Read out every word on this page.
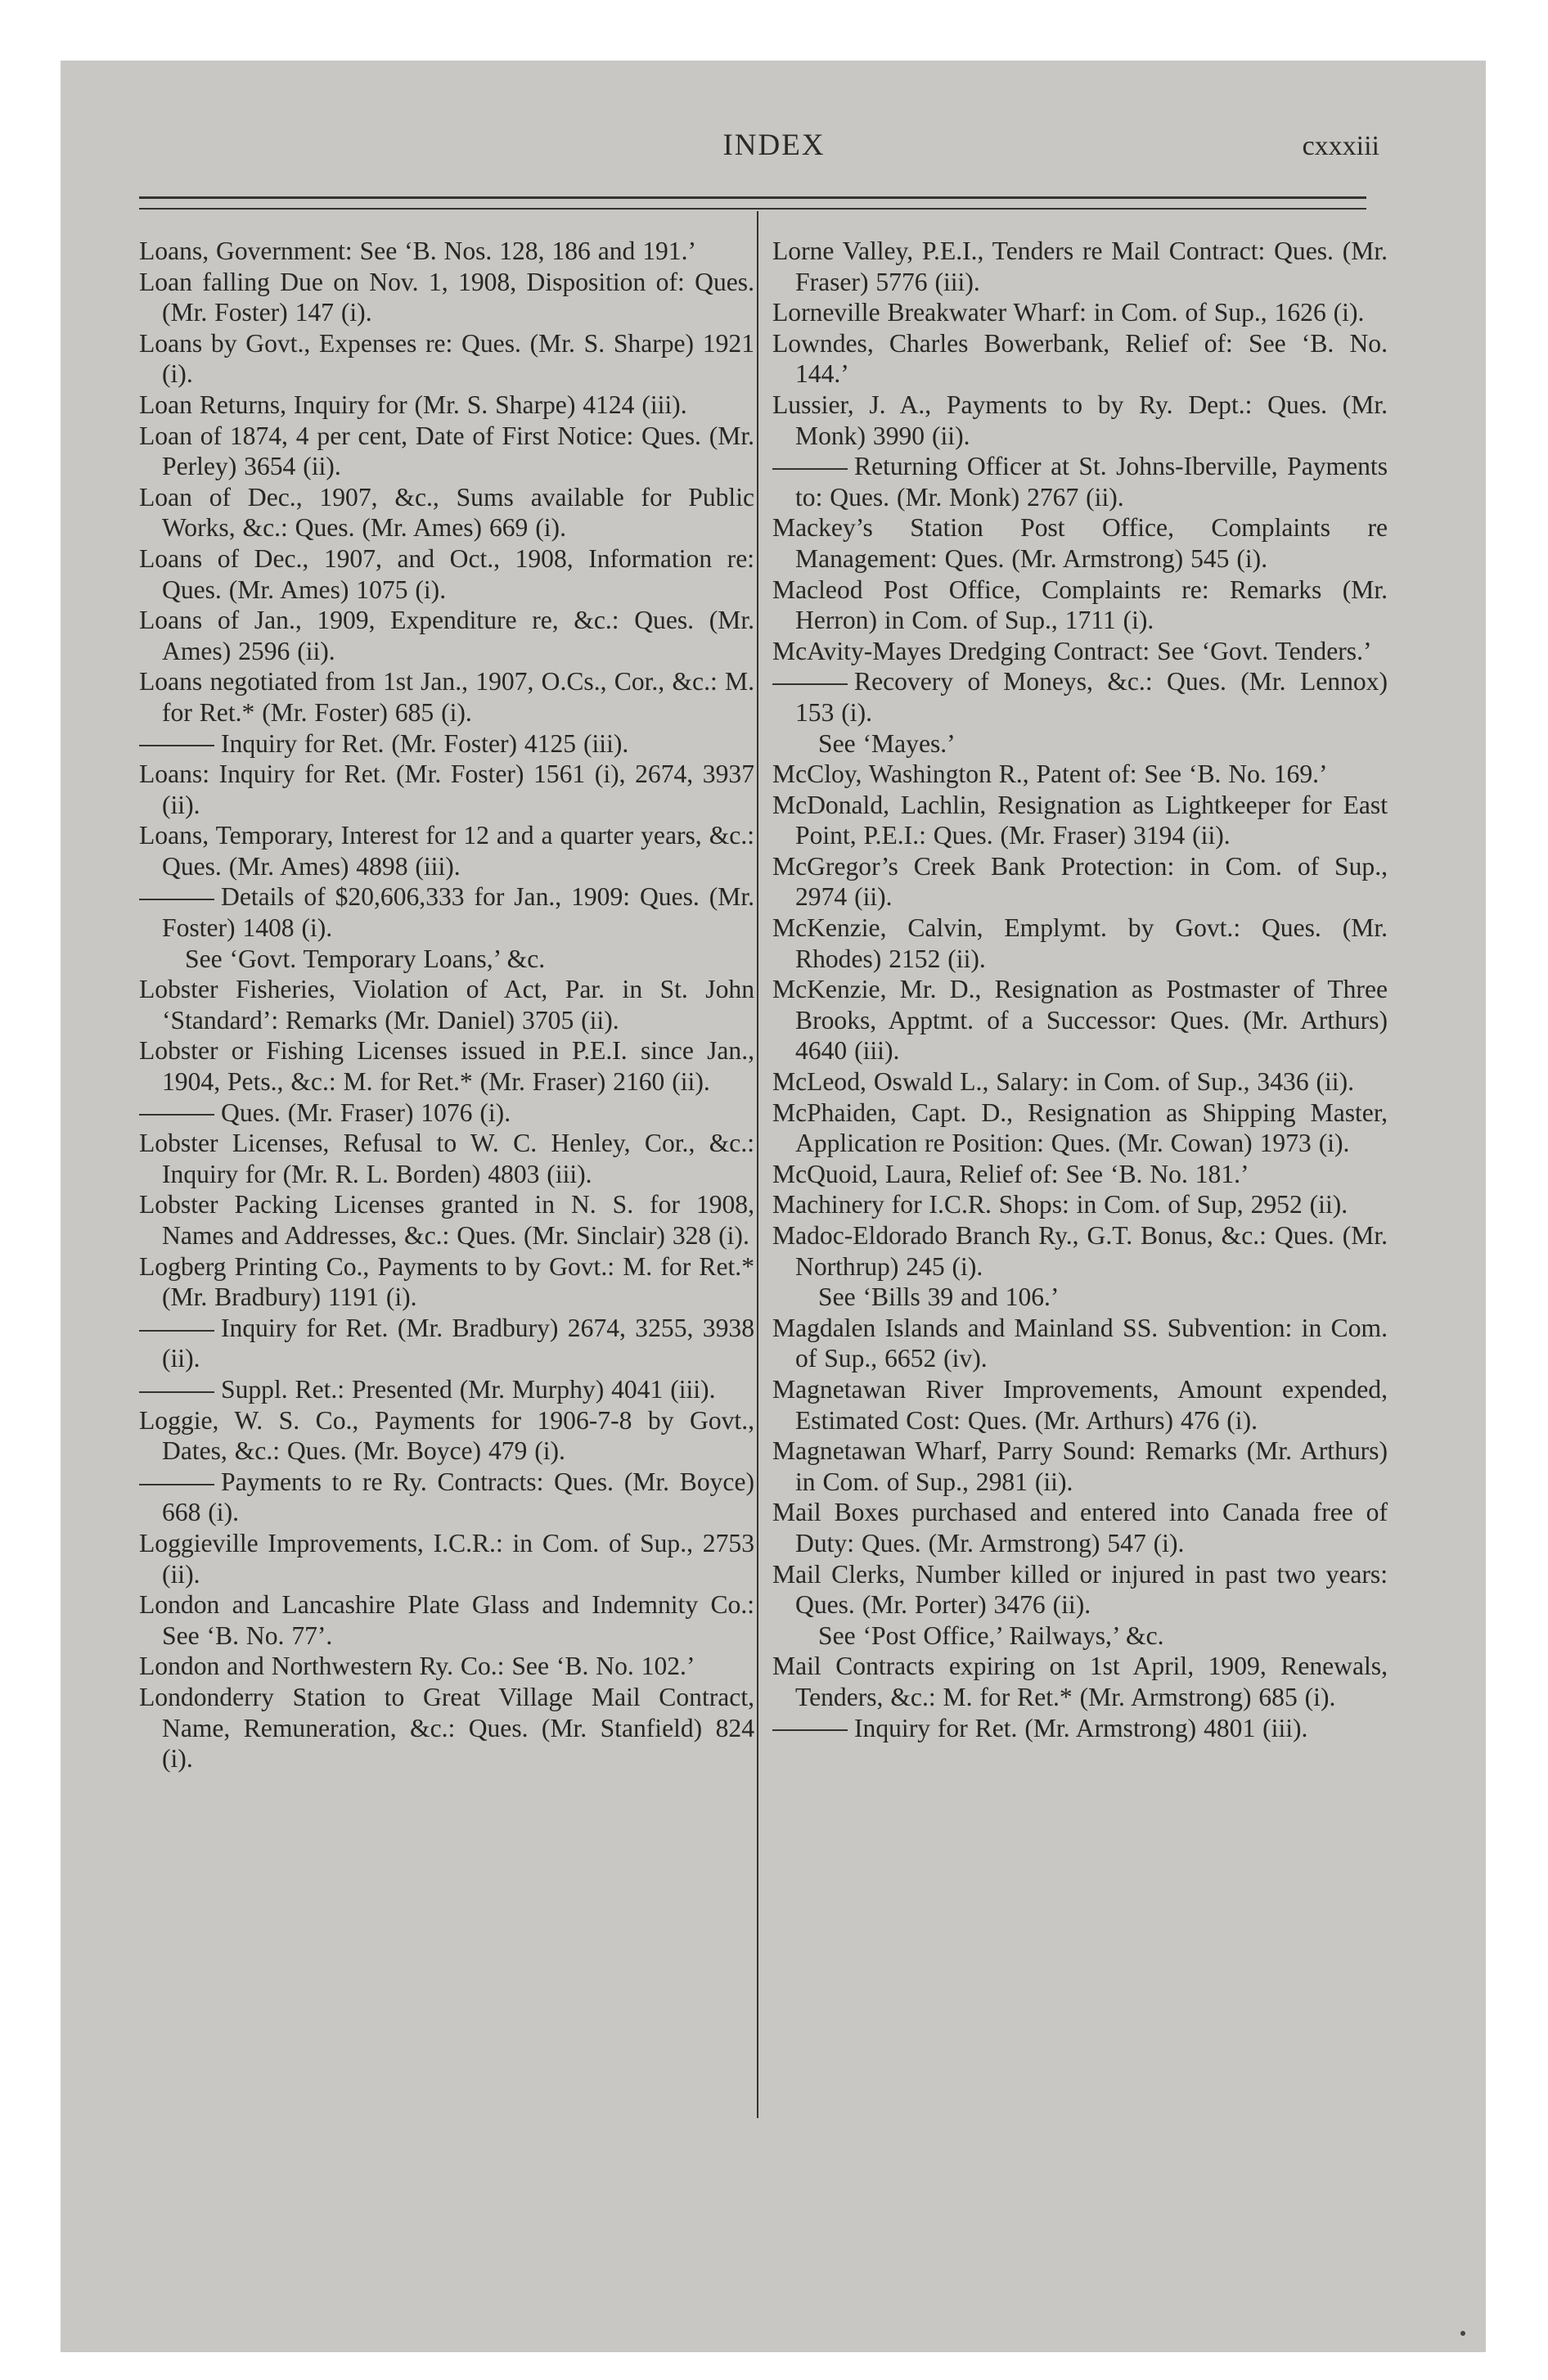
INDEX	cxxxiii

Loans, Government: See ‘B. Nos. 128, 186 and 191.’

Loan falling Due on Nov. 1, 1908, Disposition of: Ques. (Mr. Foster) 147 (i).

Loans by Govt., Expenses re: Ques. (Mr. S. Sharpe) 1921 (i).

Loan Returns, Inquiry for (Mr. S. Sharpe) 4124 (iii).

Loan of 1874, 4 per cent, Date of First Notice: Ques. (Mr. Perley) 3654 (ii).

Loan of Dec., 1907, &c., Sums available for Public Works, &c.: Ques. (Mr. Ames) 669 (i).

Loans of Dec., 1907, and Oct., 1908, Information re: Ques. (Mr. Ames) 1075 (i).

Loans of Jan., 1909, Expenditure re, &c.: Ques. (Mr. Ames) 2596 (ii).

Loans negotiated from 1st Jan., 1907, O.Cs., Cor., &c.: M. for Ret.* (Mr. Foster) 685 (i).

Inquiry for Ret. (Mr. Foster) 4125 (iii).

Loans: Inquiry for Ret. (Mr. Foster) 1561 (i), 2674, 3937 (ii).

Loans, Temporary, Interest for 12 and a quarter years, &c.: Ques. (Mr. Ames) 4898 (iii).

Details of $20,606,333 for Jan., 1909: Ques. (Mr. Foster) 1408 (i).

See ‘Govt. Temporary Loans,’ &c.

Lobster Fisheries, Violation of Act, Par. in St. John ‘Standard’: Remarks (Mr. Daniel) 3705 (ii).

Lobster or Fishing Licenses issued in P.E.I. since Jan., 1904, Pets., &c.: M. for Ret.* (Mr. Fraser) 2160 (ii).

Ques. (Mr. Fraser) 1076 (i).

Lobster Licenses, Refusal to W. C. Henley, Cor., &c.: Inquiry for (Mr. R. L. Borden) 4803 (iii).

Lobster Packing Licenses granted in N. S. for 1908, Names and Addresses, &c.: Ques. (Mr. Sinclair) 328 (i).

Logberg Printing Co., Payments to by Govt.: M. for Ret.* (Mr. Bradbury) 1191 (i).

Inquiry for Ret. (Mr. Bradbury) 2674, 3255, 3938 (ii).

Suppl. Ret.: Presented (Mr. Murphy) 4041 (iii).

Loggie, W. S. Co., Payments for 1906-7-8 by Govt., Dates, &c.: Ques. (Mr. Boyce) 479 (i).

Payments to re Ry. Contracts: Ques. (Mr. Boyce) 668 (i).

Loggieville Improvements, I.C.R.: in Com. of Sup., 2753 (ii).

London and Lancashire Plate Glass and Indemnity Co.: See ‘B. No. 77’.

London and Northwestern Ry. Co.: See ‘B. No. 102.’

Londonderry Station to Great Village Mail Contract, Name, Remuneration, &c.: Ques. (Mr. Stanfield) 824 (i).

Lorne Valley, P.E.I., Tenders re Mail Contract: Ques. (Mr. Fraser) 5776 (iii).

Lorneville Breakwater Wharf: in Com. of Sup., 1626 (i).

Lowndes, Charles Bowerbank, Relief of: See ‘B. No. 144.’

Lussier, J. A., Payments to by Ry. Dept.: Ques. (Mr. Monk) 3990 (ii).

Returning Officer at St. Johns-Iberville, Payments to: Ques. (Mr. Monk) 2767 (ii).

Mackey’s Station Post Office, Complaints re Management: Ques. (Mr. Armstrong) 545 (i).

Macleod Post Office, Complaints re: Remarks (Mr. Herron) in Com. of Sup., 1711 (i).

McAvity-Mayes Dredging Contract: See ‘Govt. Tenders.’

Recovery of Moneys, &c.: Ques. (Mr. Lennox) 153 (i).

See ‘Mayes.’

McCloy, Washington R., Patent of: See ‘B. No. 169.’

McDonald, Lachlin, Resignation as Lightkeeper for East Point, P.E.I.: Ques. (Mr. Fraser) 3194 (ii).

McGregor’s Creek Bank Protection: in Com. of Sup., 2974 (ii).

McKenzie, Calvin, Emplymt. by Govt.: Ques. (Mr. Rhodes) 2152 (ii).

McKenzie, Mr. D., Resignation as Postmaster of Three Brooks, Apptmt. of a Successor: Ques. (Mr. Arthurs) 4640 (iii).

McLeod, Oswald L., Salary: in Com. of Sup., 3436 (ii).

McPhaiden, Capt. D., Resignation as Shipping Master, Application re Position: Ques. (Mr. Cowan) 1973 (i).

McQuoid, Laura, Relief of: See ‘B. No. 181.’

Machinery for I.C.R. Shops: in Com. of Sup, 2952 (ii).

Madoc-Eldorado Branch Ry., G.T. Bonus, &c.: Ques. (Mr. Northrup) 245 (i).

See ‘Bills 39 and 106.’

Magdalen Islands and Mainland SS. Subvention: in Com. of Sup., 6652 (iv).

Magnetawan River Improvements, Amount expended, Estimated Cost: Ques. (Mr. Arthurs) 476 (i).

Magnetawan Wharf, Parry Sound: Remarks (Mr. Arthurs) in Com. of Sup., 2981 (ii).

Mail Boxes purchased and entered into Canada free of Duty: Ques. (Mr. Armstrong) 547 (i).

Mail Clerks, Number killed or injured in past two years: Ques. (Mr. Porter) 3476 (ii).

See ‘Post Office,’ Railways,’ &c.

Mail Contracts expiring on 1st April, 1909, Renewals, Tenders, &c.: M. for Ret.* (Mr. Armstrong) 685 (i).

Inquiry for Ret. (Mr. Armstrong) 4801 (iii).
